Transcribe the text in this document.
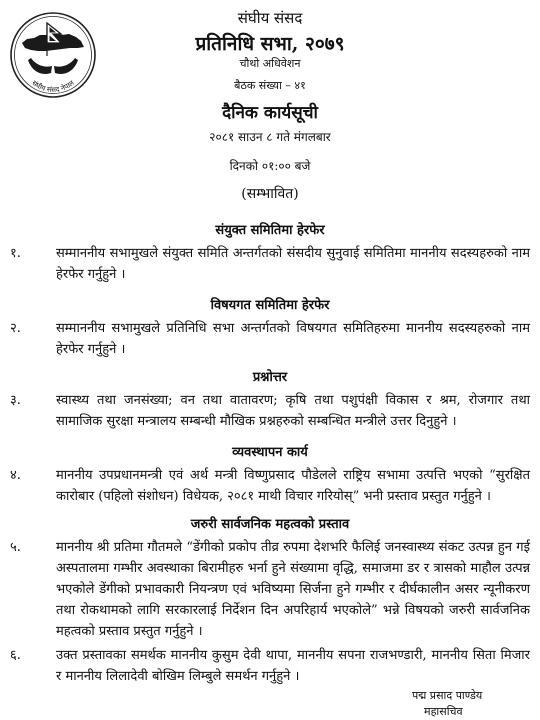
संघीय संसद नेपाल
संघीय संसद
प्रतिनिधि सभा, २०७९
चौथो अधिवेशन
बैठक संख्या – ४१
दैनिक कार्यसूची
२०८१ साउन ८ गते मंगलबार
दिनको ०१:०० बजे
(सम्भावित)
संयुक्त समितिमा हेरफेर
१.	सम्माननीय सभामुखले संयुक्त समिति अन्तर्गतको संसदीय सुनुवाई समितिमा माननीय सदस्यहरुको नाम हेरफेर गर्नुहुने ।
विषयगत समितिमा हेरफेर
२.	सम्माननीय सभामुखले प्रतिनिधि सभा अन्तर्गतको विषयगत समितिहरुमा माननीय सदस्यहरुको नाम हेरफेर गर्नुहुने ।
प्रश्नोत्तर
३.	स्वास्थ्य तथा जनसंख्या; वन तथा वातावरण; कृषि तथा पशुपंक्षी विकास र श्रम, रोजगार तथा सामाजिक सुरक्षा मन्त्रालय सम्बन्धी मौखिक प्रश्नहरुको सम्बन्धित मन्त्रीले उत्तर दिनुहुने ।
व्यवस्थापन कार्य
४.	माननीय उपप्रधानमन्त्री एवं अर्थ मन्त्री विष्णुप्रसाद पौडेलले राष्ट्रिय सभामा उत्पत्ति भएको “सुरक्षित कारोबार (पहिलो संशोधन) विधेयक, २०८१ माथी विचार गरियोस्” भनी प्रस्ताव प्रस्तुत गर्नुहुने ।
जरुरी सार्वजनिक महत्वको प्रस्ताव
५.	माननीय श्री प्रतिमा गौतमले “डेंगीको प्रकोप तीव्र रुपमा देशभरि फैलिई जनस्वास्थ्य संकट उत्पन्न हुन गई अस्पतालमा गम्भीर अवस्थाका बिरामीहरु भर्ना हुने संख्यामा वृद्धि, समाजमा डर र त्रासको माहौल उत्पन्न भएकोले डेंगीको प्रभावकारी नियन्त्रण एवं भविष्यमा सिर्जना हुने गम्भीर र दीर्घकालीन असर न्यूनीकरण तथा रोकथामको लागि सरकारलाई निर्देशन दिन अपरिहार्य भएकोले” भन्ने विषयको जरुरी सार्वजनिक महत्वको प्रस्ताव प्रस्तुत गर्नुहुने ।
६.	उक्त प्रस्तावका समर्थक माननीय कुसुम देवी थापा, माननीय सपना राजभण्डारी, माननीय सिता मिजार र माननीय लिलादेवी बोखिम लिम्बुले समर्थन गर्नुहुने ।
पद्म प्रसाद पाण्डेय
महासचिव
